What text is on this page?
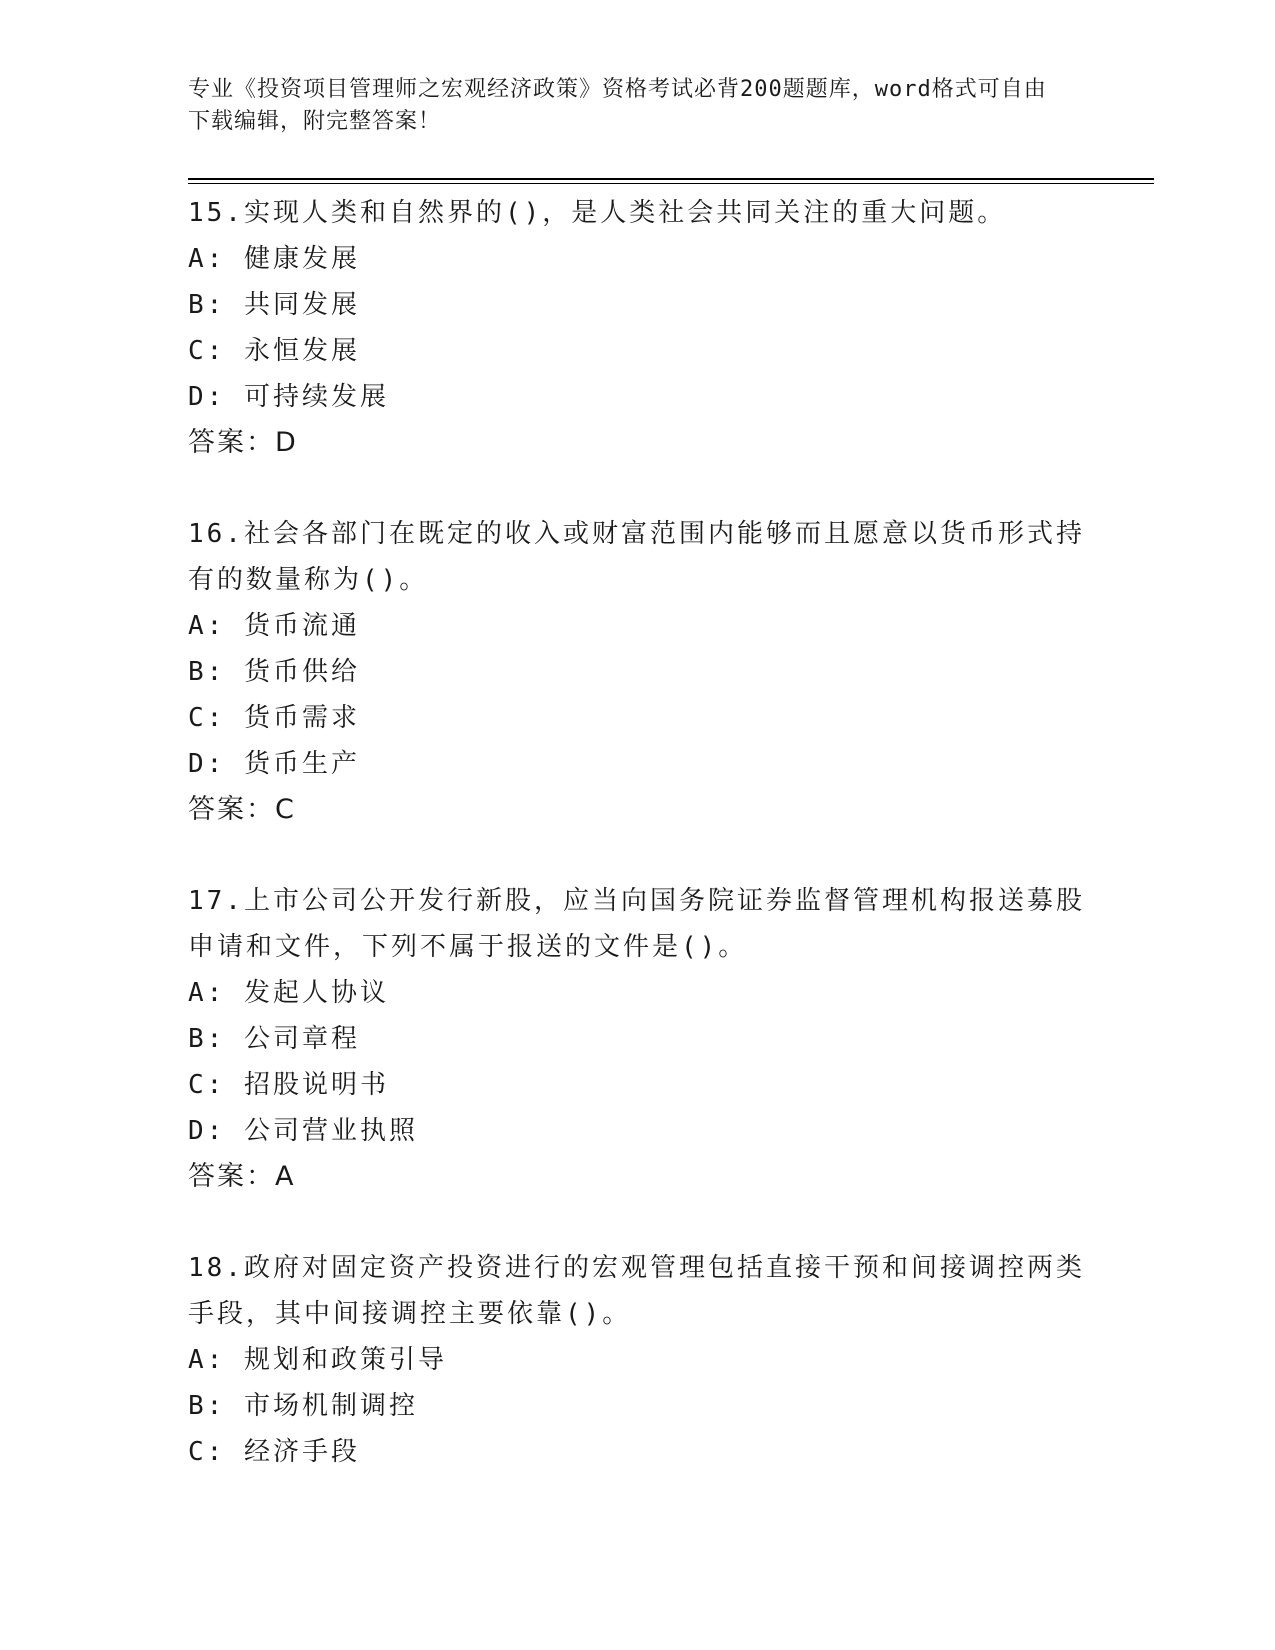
专业《投资项目管理师之宏观经济政策》资格考试必背200题题库，word格式可自由下载编辑，附完整答案！

15.实现人类和自然界的()，是人类社会共同关注的重大问题。

A: 健康发展

B: 共同发展

C: 永恒发展

D: 可持续发展

答案：D

16.社会各部门在既定的收入或财富范围内能够而且愿意以货币形式持有的数量称为()。

A: 货币流通

B: 货币供给

C: 货币需求

D: 货币生产

答案：C

17.上市公司公开发行新股，应当向国务院证券监督管理机构报送募股申请和文件，下列不属于报送的文件是()。

A: 发起人协议

B: 公司章程

C: 招股说明书

D: 公司营业执照

答案：A

18.政府对固定资产投资进行的宏观管理包括直接干预和间接调控两类手段，其中间接调控主要依靠()。

A: 规划和政策引导

B: 市场机制调控

C: 经济手段
